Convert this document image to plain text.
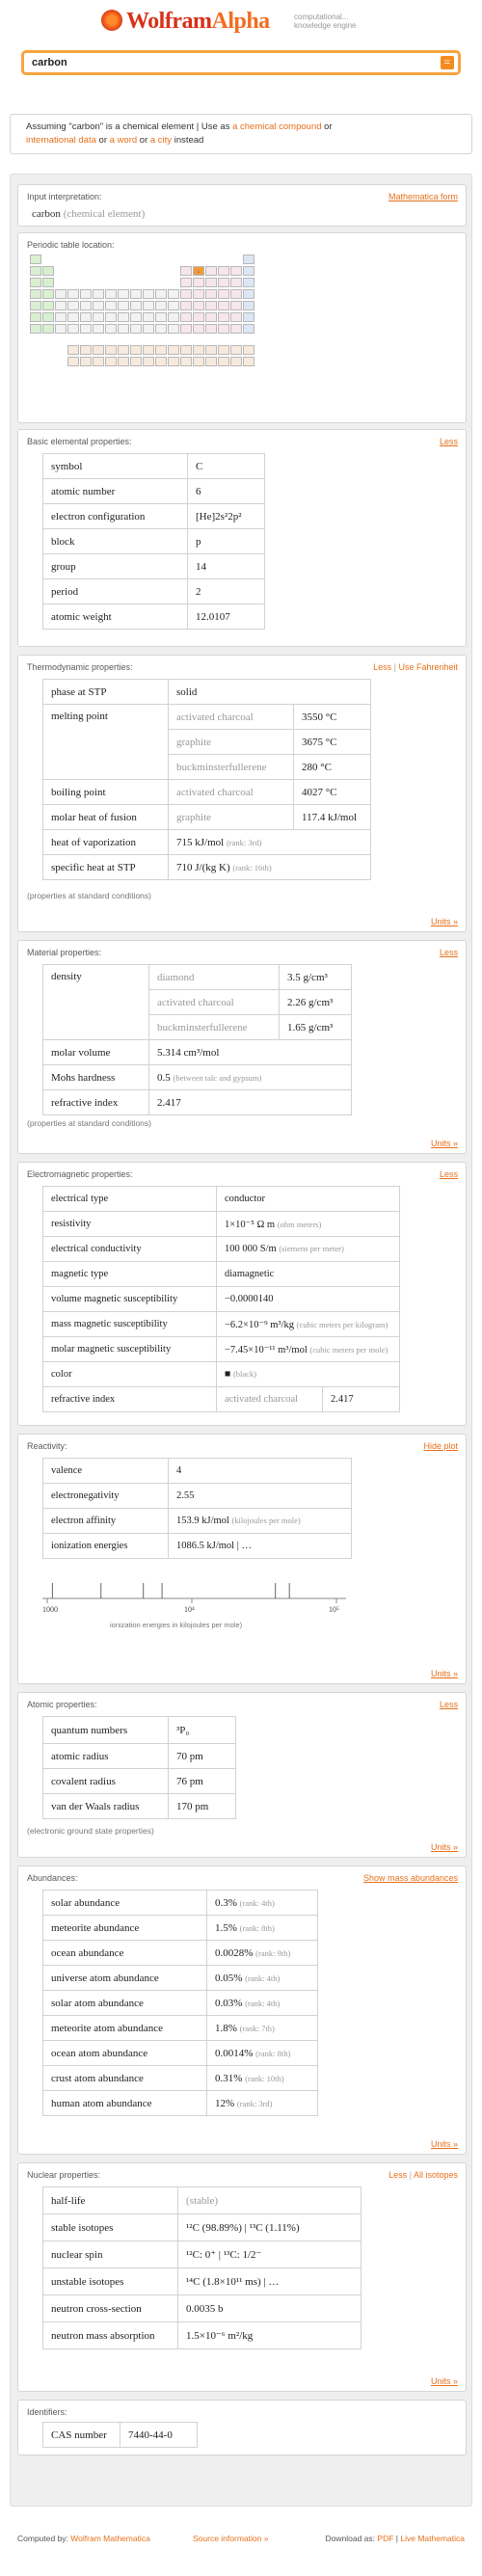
WolframAlpha	computational...
knowledge engine
carbon	=
Assuming "carbon" is a chemical element | Use as a chemical compound or
international data or a word or a city instead
Input interpretation:	Mathematica form
carbon (chemical element)
Periodic table location:
C
Basic elemental properties:	Less
symbol	C
atomic number	6
electron configuration	[He]2s²2p²
block	p
group	14
period	2
atomic weight	12.0107
Thermodynamic properties:	Less | Use Fahrenheit
phase at STP	solid	
melting point	activated charcoal	3550 °C
	graphite	3675 °C
	buckminsterfullerene	280 °C
boiling point	activated charcoal	4027 °C
molar heat of fusion	graphite	117.4 kJ/mol
heat of vaporization	715 kJ/mol (rank: 3rd)	
specific heat at STP	710 J/(kg K) (rank: 16th)	
(properties at standard conditions)
Units »
Material properties:	Less
density	diamond	3.5 g/cm³
	activated charcoal	2.26 g/cm³
	buckminsterfullerene	1.65 g/cm³
molar volume	5.314 cm³/mol	
Mohs hardness	0.5 (between talc and gypsum)	
refractive index	2.417	
(properties at standard conditions)
Units »
Electromagnetic properties:	Less
electrical type	conductor	
resistivity	1×10⁻⁵ Ω m (ohm meters)	
electrical conductivity	100 000 S/m (siemens per meter)	
magnetic type	diamagnetic	
volume magnetic susceptibility	−0.0000140	
mass magnetic susceptibility	−6.2×10⁻⁹ m³/kg (cubic meters per kilogram)	
molar magnetic susceptibility	−7.45×10⁻¹¹ m³/mol (cubic meters per mole)	
color	■ (black)	
refractive index	activated charcoal	2.417
Reactivity:	Hide plot
valence	4
electronegativity	2.55
electron affinity	153.9 kJ/mol (kilojoules per mole)
ionization energies	1086.5 kJ/mol | …
1000	10⁴	10⁵
ionization energies in kilojoules per mole)
Units »
Atomic properties:	Less
quantum numbers	³P₀
atomic radius	70 pm
covalent radius	76 pm
van der Waals radius	170 pm
(electronic ground state properties)
Units »
Abundances:	Show mass abundances
solar abundance	0.3% (rank: 4th)
meteorite abundance	1.5% (rank: 8th)
ocean abundance	0.0028% (rank: 9th)
universe atom abundance	0.05% (rank: 4th)
solar atom abundance	0.03% (rank: 4th)
meteorite atom abundance	1.8% (rank: 7th)
ocean atom abundance	0.0014% (rank: 8th)
crust atom abundance	0.31% (rank: 10th)
human atom abundance	12% (rank: 3rd)
Units »
Nuclear properties:	Less | All isotopes
half-life	(stable)
stable isotopes	¹²C (98.89%) | ¹³C (1.11%)
nuclear spin	¹²C: 0⁺ | ¹³C: 1/2⁻
unstable isotopes	¹⁴C (1.8×10¹¹ ms) | …
neutron cross-section	0.0035 b
neutron mass absorption	1.5×10⁻⁶ m²/kg
Units »
Identifiers:
CAS number	7440-44-0
Computed by: Wolfram Mathematica	Source information »	Download as: PDF | Live Mathematica
